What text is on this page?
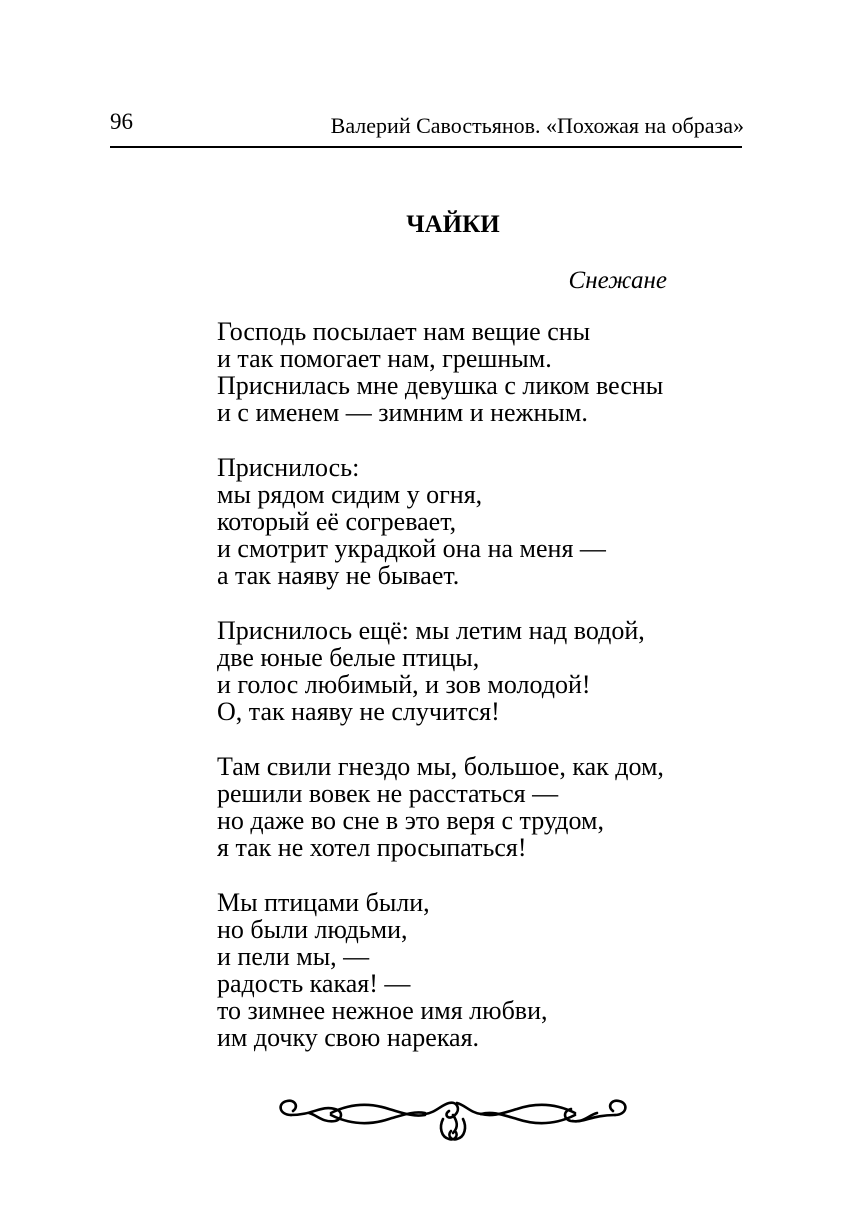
96	Валерий Савостьянов. «Похожая на образа»
ЧАЙКИ
Снежане
Господь посылает нам вещие сны
и так помогает нам, грешным.
Приснилась мне девушка с ликом весны
и с именем — зимним и нежным.
Приснилось:
мы рядом сидим у огня,
который её согревает,
и смотрит украдкой она на меня —
а так наяву не бывает.
Приснилось ещё: мы летим над водой,
две юные белые птицы,
и голос любимый, и зов молодой!
О, так наяву не случится!
Там свили гнездо мы, большое, как дом,
решили вовек не расстаться —
но даже во сне в это веря с трудом,
я так не хотел просыпаться!
Мы птицами были,
но были людьми,
и пели мы, —
радость какая! —
то зимнее нежное имя любви,
им дочку свою нарекая.
